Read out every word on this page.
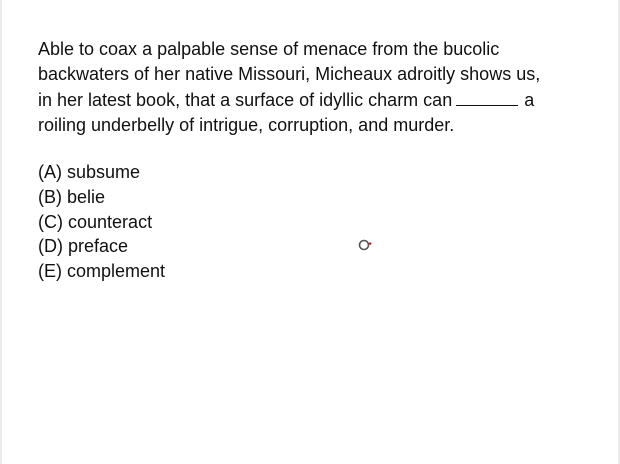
Able to coax a palpable sense of menace from the bucolic
backwaters of her native Missouri, Micheaux adroitly shows us,
in her latest book, that a surface of idyllic charm can	a
roiling underbelly of intrigue, corruption, and murder.
(A) subsume
(B) belie
(C) counteract
(D) preface
(E) complement
